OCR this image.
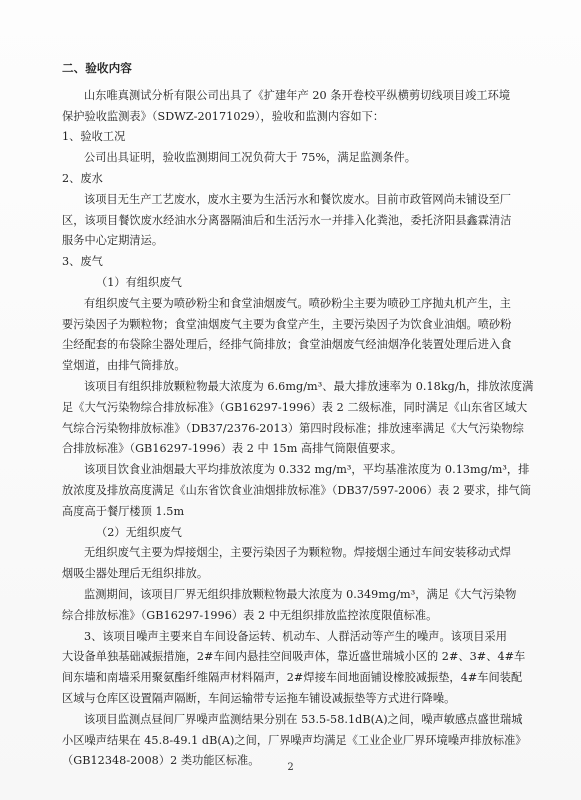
二、验收内容
山东唯真测试分析有限公司出具了《扩建年产 20 条开卷校平纵横剪切线项目竣工环境
保护验收监测表》（SDWZ-20171029），验收和监测内容如下：
1、验收工况
公司出具证明，验收监测期间工况负荷大于 75%，满足监测条件。
2、废水
该项目无生产工艺废水，废水主要为生活污水和餐饮废水。目前市政管网尚未铺设至厂
区，该项目餐饮废水经油水分离器隔油后和生活污水一并排入化粪池，委托济阳县鑫霖清洁
服务中心定期清运。
3、废气
（1）有组织废气
有组织废气主要为喷砂粉尘和食堂油烟废气。喷砂粉尘主要为喷砂工序抛丸机产生，主
要污染因子为颗粒物；食堂油烟废气主要为食堂产生，主要污染因子为饮食业油烟。喷砂粉
尘经配套的布袋除尘器处理后，经排气筒排放；食堂油烟废气经油烟净化装置处理后进入食
堂烟道，由排气筒排放。
该项目有组织排放颗粒物最大浓度为 6.6mg/m³、最大排放速率为 0.18kg/h，排放浓度满
足《大气污染物综合排放标准》（GB16297-1996）表 2 二级标准，同时满足《山东省区域大
气综合污染物排放标准》（DB37/2376-2013）第四时段标准；排放速率满足《大气污染物综
合排放标准》（GB16297-1996）表 2 中 15m 高排气筒限值要求。
该项目饮食业油烟最大平均排放浓度为 0.332 mg/m³，平均基准浓度为 0.13mg/m³，排
放浓度及排放高度满足《山东省饮食业油烟排放标准》（DB37/597-2006）表 2 要求，排气筒
高度高于餐厅楼顶 1.5m
（2）无组织废气
无组织废气主要为焊接烟尘，主要污染因子为颗粒物。焊接烟尘通过车间安装移动式焊
烟吸尘器处理后无组织排放。
监测期间，该项目厂界无组织排放颗粒物最大浓度为 0.349mg/m³，满足《大气污染物
综合排放标准》（GB16297-1996）表 2 中无组织排放监控浓度限值标准。
3、该项目噪声主要来自车间设备运转、机动车、人群活动等产生的噪声。该项目采用
大设备单独基础减振措施，2#车间内悬挂空间吸声体，靠近盛世瑞城小区的 2#、3#、4#车
间东墙和南墙采用聚氨酯纤维隔声材料隔声，2#焊接车间地面铺设橡胶减振垫，4#车间装配
区域与仓库区设置隔声隔断，车间运输带专运拖车铺设减振垫等方式进行降噪。
该项目监测点昼间厂界噪声监测结果分别在 53.5-58.1dB(A)之间，噪声敏感点盛世瑞城
小区噪声结果在 45.8-49.1 dB(A)之间，厂界噪声均满足《工业企业厂界环境噪声排放标准》
（GB12348-2008）2 类功能区标准。
2
